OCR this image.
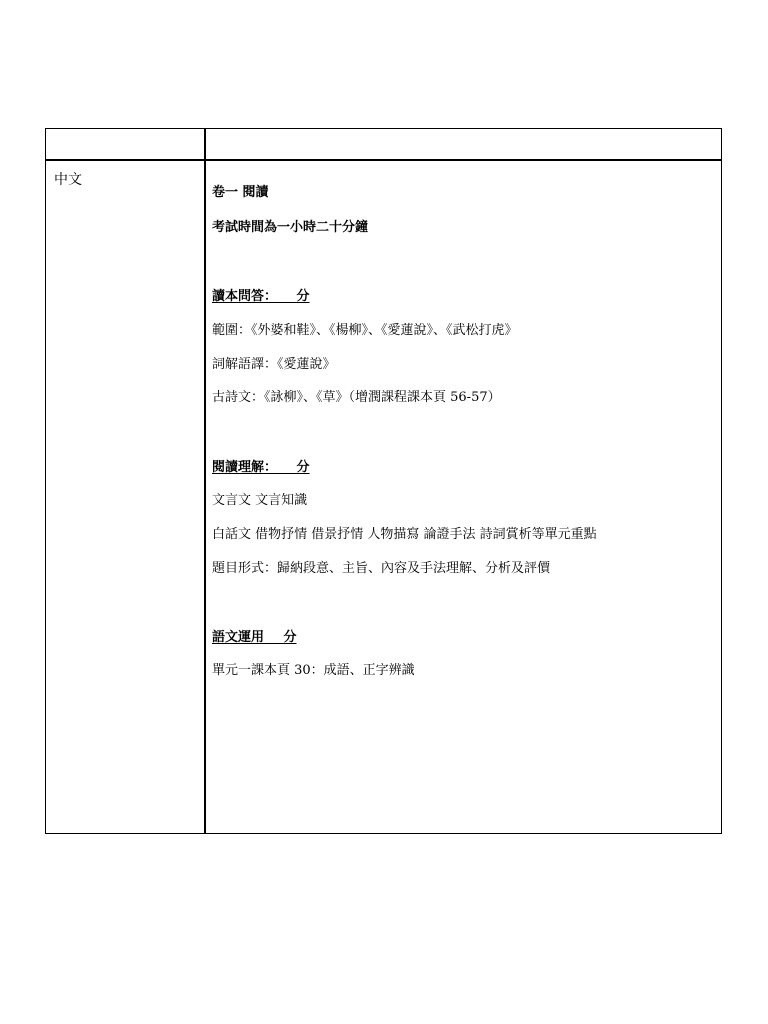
中文
卷一 閱讀
考試時間為一小時二十分鐘
讀本問答：   分
範圍：《外婆和鞋》、《楊柳》、《愛蓮說》、《武松打虎》
詞解語譯：《愛蓮說》
古詩文：《詠柳》、《草》（增潤課程課本頁 56-57）
閱讀理解：   分
文言文 文言知識
白話文 借物抒情 借景抒情 人物描寫 論證手法 詩詞賞析等單元重點
題目形式：歸納段意、主旨、內容及手法理解、分析及評價
語文運用   分
單元一課本頁 30：成語、正字辨識
